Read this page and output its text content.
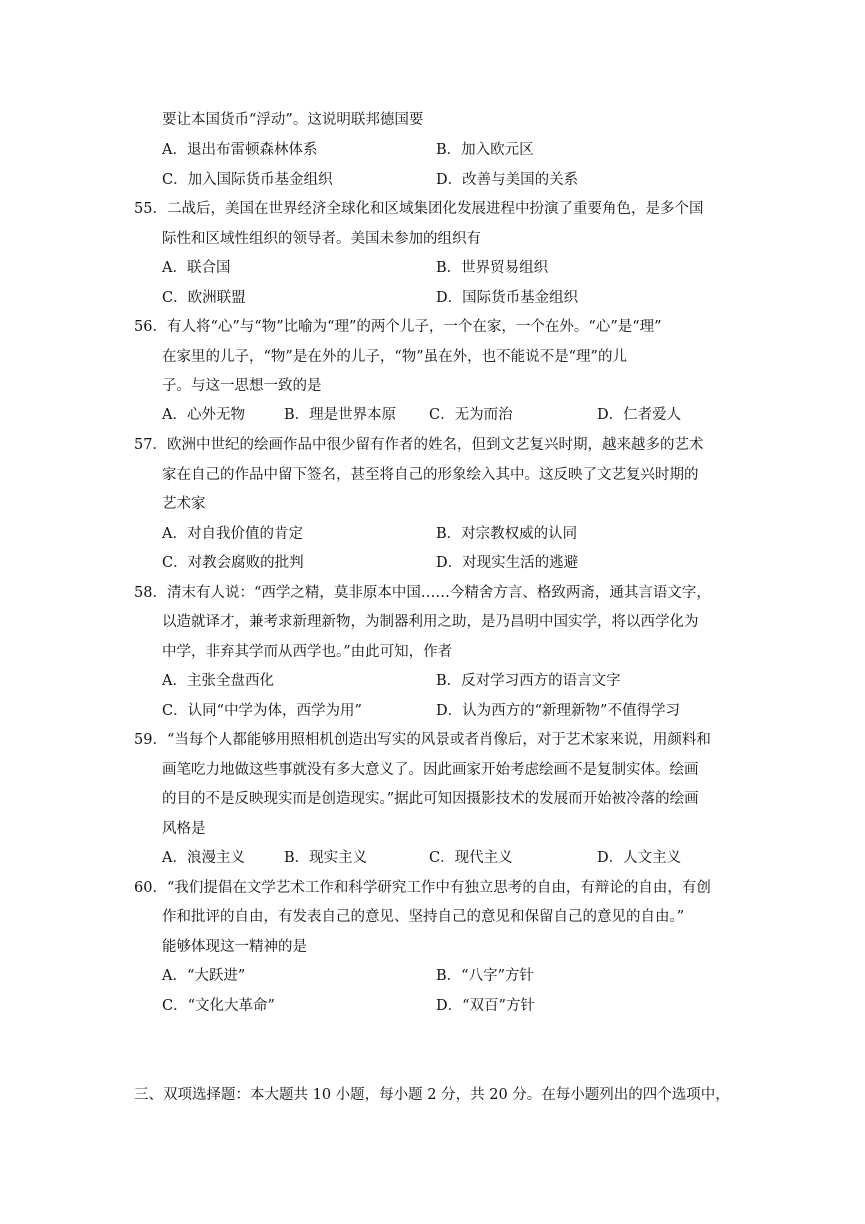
要让本国货币“浮动”。这说明联邦德国要
A．退出布雷顿森林体系	B．加入欧元区
C．加入国际货币基金组织	D．改善与美国的关系
55．二战后，美国在世界经济全球化和区域集团化发展进程中扮演了重要角色，是多个国
际性和区域性组织的领导者。美国未参加的组织有
A．联合国	B．世界贸易组织
C．欧洲联盟	D．国际货币基金组织
56．有人将“心”与“物”比喻为“理”的两个儿子，一个在家，一个在外。“心”是“理”
在家里的儿子，“物”是在外的儿子，“物”虽在外，也不能说不是“理”的儿
子。与这一思想一致的是
A．心外无物	B．理是世界本原 C．无为而治	D．仁者爱人
57．欧洲中世纪的绘画作品中很少留有作者的姓名，但到文艺复兴时期，越来越多的艺术
家在自己的作品中留下签名，甚至将自己的形象绘入其中。这反映了文艺复兴时期的
艺术家
A．对自我价值的肯定	B．对宗教权威的认同
C．对教会腐败的批判	D．对现实生活的逃避
58．清末有人说：“西学之精，莫非原本中国……今精舍方言、格致两斋，通其言语文字，
以造就译才，兼考求新理新物，为制器利用之助，是乃昌明中国实学，将以西学化为
中学，非弃其学而从西学也。”由此可知，作者
A．主张全盘西化	B．反对学习西方的语言文字
C．认同“中学为体，西学为用”	D．认为西方的“新理新物”不值得学习
59．“当每个人都能够用照相机创造出写实的风景或者肖像后，对于艺术家来说，用颜料和
画笔吃力地做这些事就没有多大意义了。因此画家开始考虑绘画不是复制实体。绘画
的目的不是反映现实而是创造现实。”据此可知因摄影技术的发展而开始被冷落的绘画
风格是
A．浪漫主义	B．现实主义	C．现代主义	D．人文主义
60．“我们提倡在文学艺术工作和科学研究工作中有独立思考的自由，有辩论的自由，有创
作和批评的自由，有发表自己的意见、坚持自己的意见和保留自己的意见的自由。”
能够体现这一精神的是
A．“大跃进”	B．“八字”方针
C．“文化大革命”	D．“双百”方针
三、双项选择题：本大题共 10 小题，每小题 2 分，共 20 分。在每小题列出的四个选项中，
